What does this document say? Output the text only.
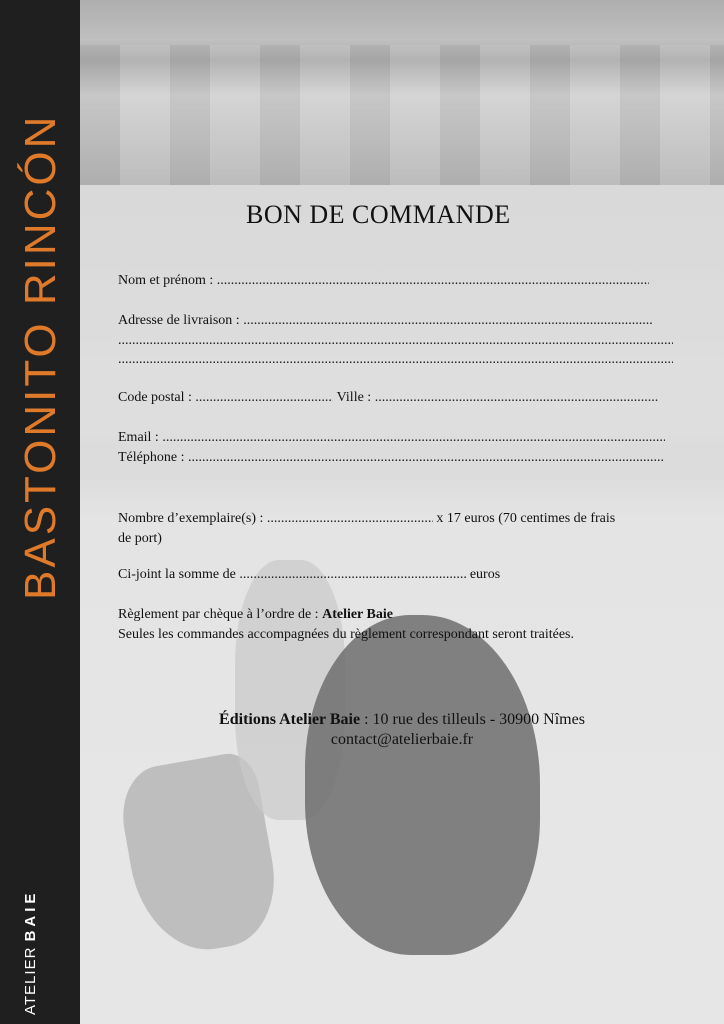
BASTONITO RINCÓN
ATELIER BAIE
BON DE COMMANDE
Nom et prénom : .....
Adresse de livraison : .....
.....
.....
Code postal : .....	Ville : .....
Email : .....
Téléphone : .....
Nombre d’exemplaire(s) : .....	x 17 euros (70 centimes de frais
de port)
Ci-joint la somme de .....	euros
Règlement par chèque à l’ordre de : Atelier Baie
Seules les commandes accompagnées du règlement correspondant seront traitées.
Éditions Atelier Baie : 10 rue des tilleuls - 30900 Nîmes
contact@atelierbaie.fr
